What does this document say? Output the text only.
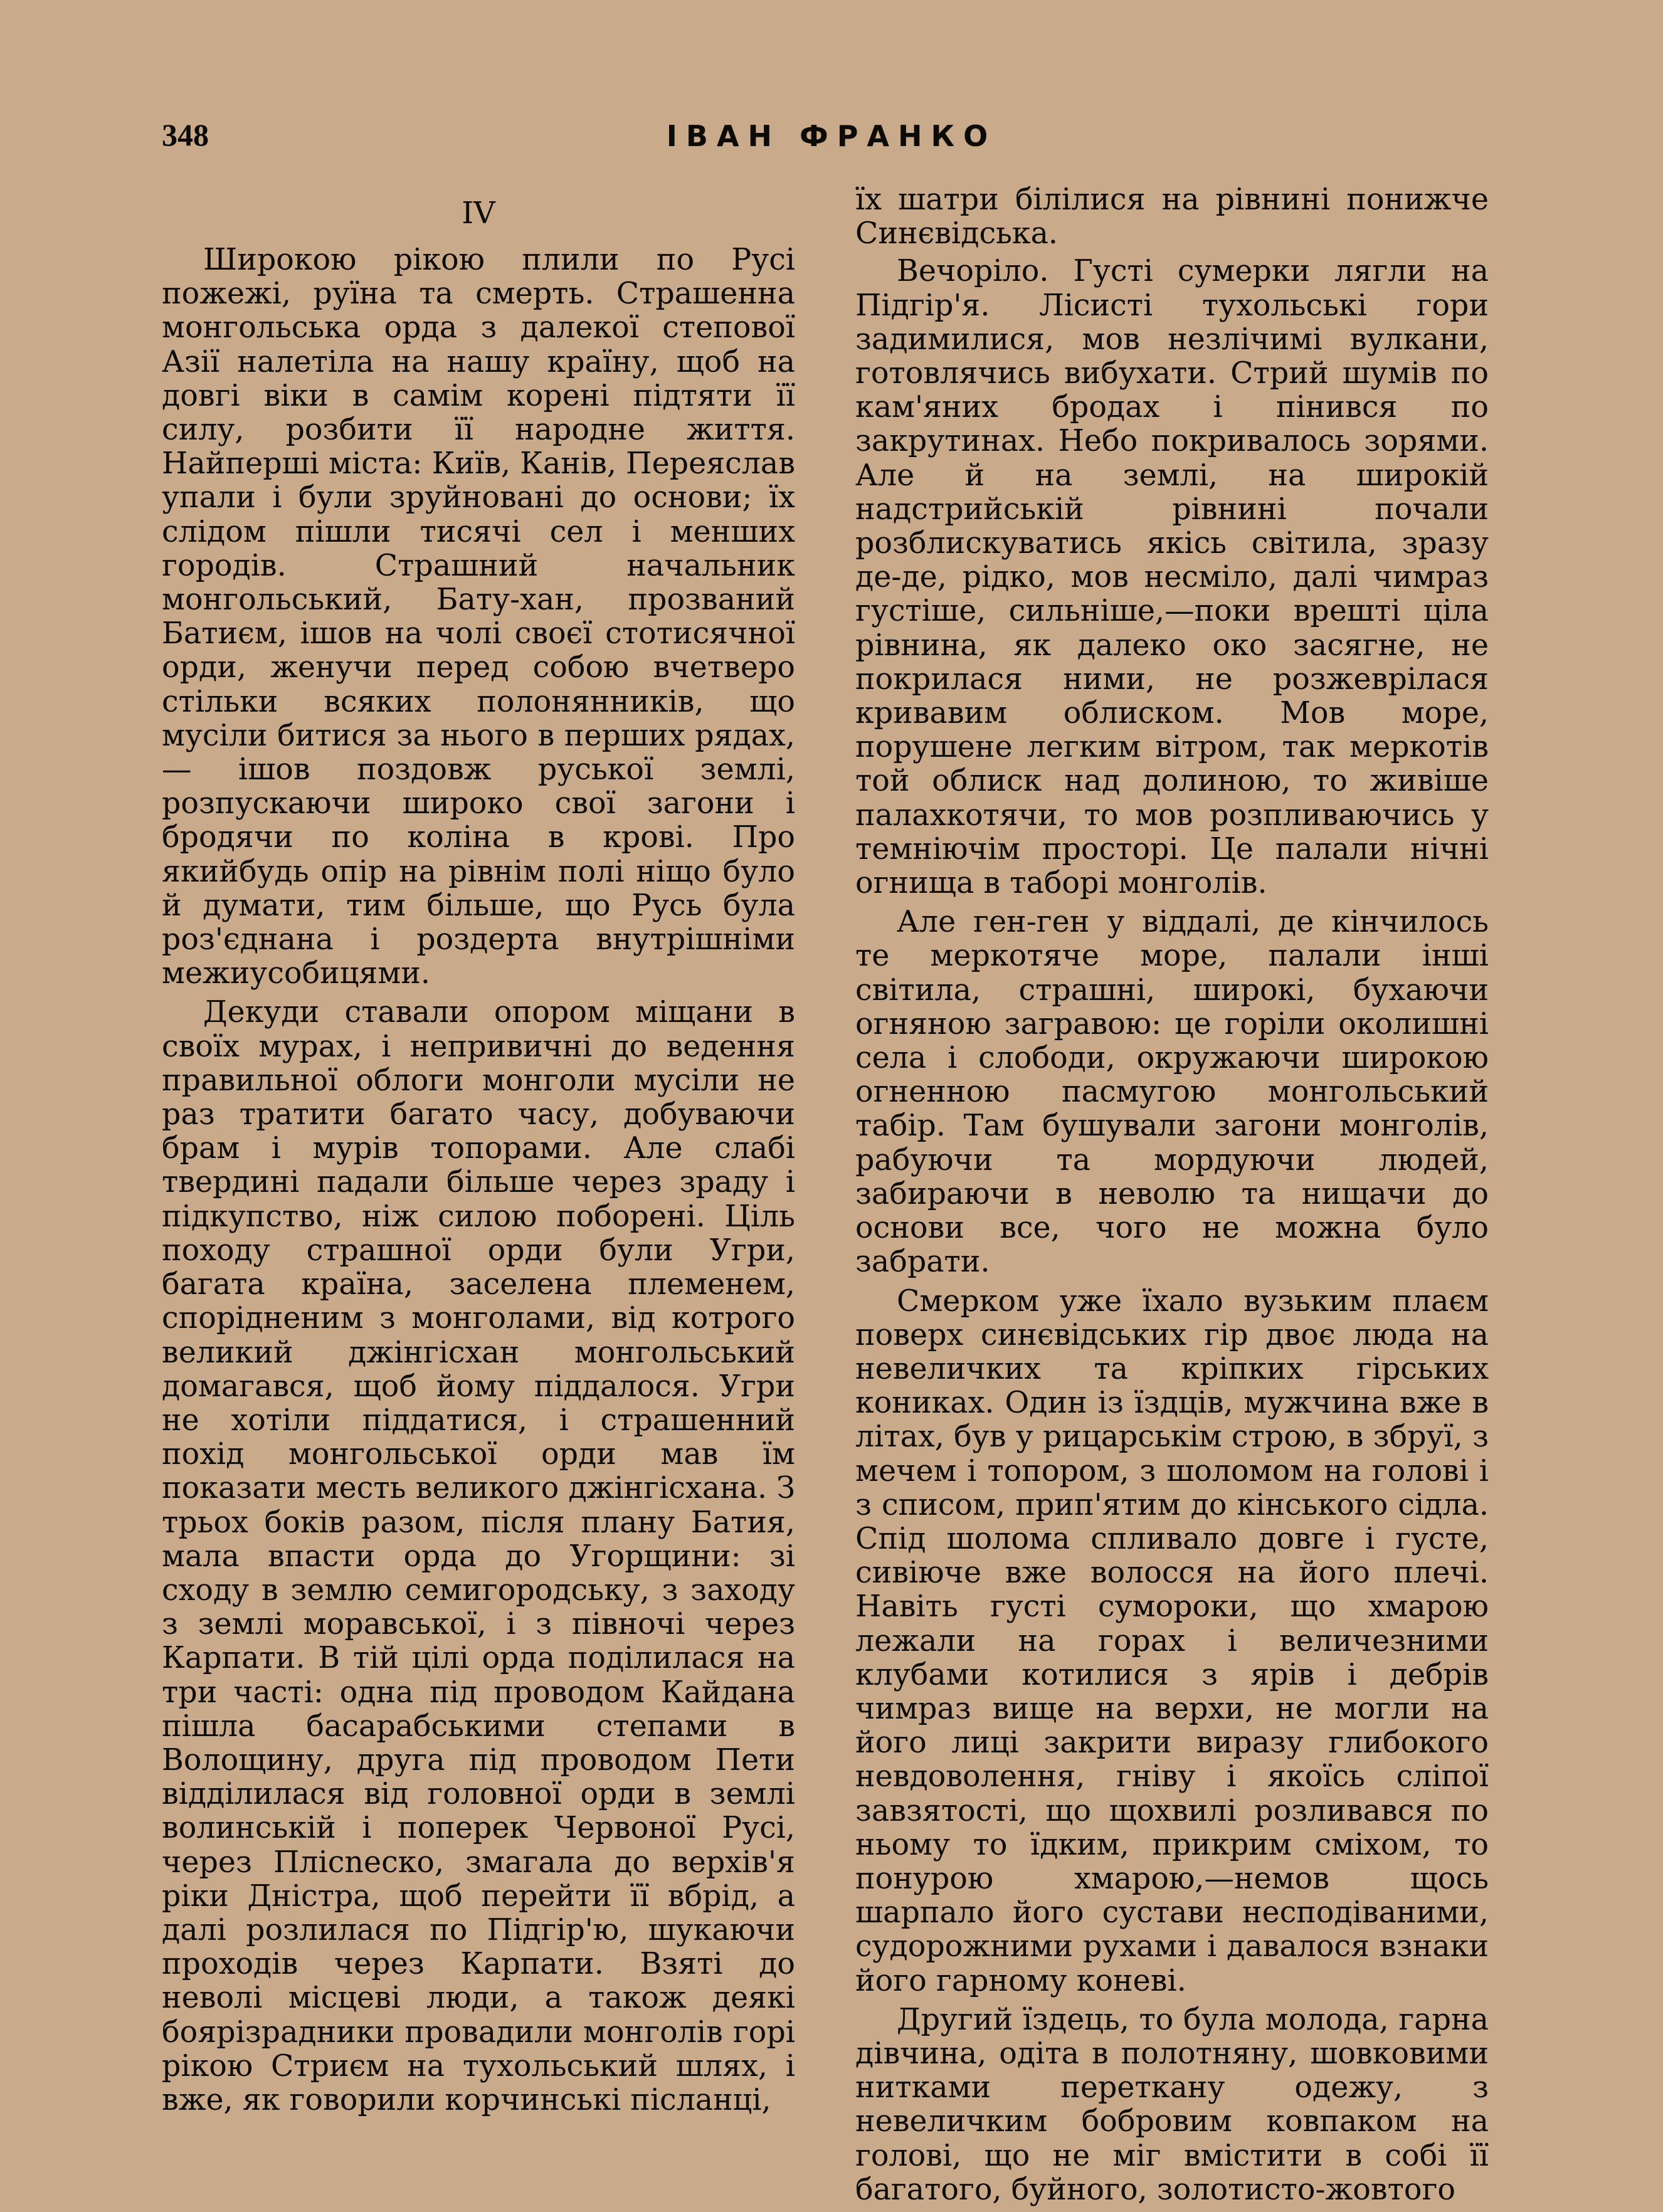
348	ІВАН ФРАНКО

IV

Широкою рікою плили по Русі пожежі, руїна та смерть. Страшенна монгольська орда з далекої степової Азії налетіла на нашу країну, щоб на довгі віки в самім корені підтяти її силу, розбити її народне життя. Найперші міста: Київ, Канів, Переяслав упали і були зруйновані до основи; їх слідом пішли тисячі сел і менших городів. Страшний начальник монгольський, Бату-хан, прозваний Батиєм, ішов на чолі своєї стотисячної орди, женучи перед собою вчетверо стільки всяких полонянників, що мусіли битися за нього в перших рядах,— ішов поздовж руської землі, розпускаючи широко свої загони і бродячи по коліна в крові. Про якийбудь опір на рівнім полі ніщо було й думати, тим більше, що Русь була роз'єднана і роздерта внутрішніми межиусобицями.

Декуди ставали опором міщани в своїх мурах, і непривичні до ведення правильної облоги монголи мусіли не раз тратити багато часу, добуваючи брам і мурів топорами. Але слабі твердині падали більше через зраду і підкупство, ніж силою поборені. Ціль походу страшної орди були Угри, багата країна, заселена племенем, спорідненим з монголами, від котрого великий джінгісхан монгольський домагався, щоб йому піддалося. Угри не хотіли піддатися, і страшенний похід монгольської орди мав їм показати месть великого джінгісхана. З трьох боків разом, після плану Батия, мала впасти орда до Угорщини: зі сходу в землю семигородську, з заходу з землі моравської, і з півночі через Карпати. В тій цілі орда поділилася на три часті: одна під проводом Кайдана пішла басарабськими степами в Волощину, друга під проводом Пети відділилася від головної орди в землі волинській і поперек Червоної Русі, через Плісneско, змагала до верхів'я ріки Дністра, щоб перейти її вбрід, а далі розлилася по Підгір'ю, шукаючи проходів через Карпати. Взяті до неволі місцеві люди, а також деякі боярізрадники провадили монголів горі рікою Стриєм на тухольський шлях, і вже, як говорили корчинські післанці,

їх шатри білілися на рівнині понижче Синєвідська.

Вечоріло. Густі сумерки лягли на Підгір'я. Лісисті тухольські гори задимилися, мов незлічимі вулкани, готовлячись вибухати. Стрий шумів по кам'яних бродах і пінився по закрутинах. Небо покривалось зорями. Але й на землі, на широкій надстрийській рівнині почали розблискуватись якісь світила, зразу де-де, рідко, мов несміло, далі чимраз густіше, сильніше,—поки врешті ціла рівнина, як далеко око засягне, не покрилася ними, не розжеврілася кривавим облиском. Мов море, порушене легким вітром, так меркотів той облиск над долиною, то живіше палахкотячи, то мов розпливаючись у темніючім просторі. Це палали нічні огнища в таборі монголів.

Але ген-ген у віддалі, де кінчилось те меркотяче море, палали інші світила, страшні, широкі, бухаючи огняною загравою: це горіли околишні села і слободи, окружаючи широкою огненною пасмугою монгольський табір. Там бушували загони монголів, рабуючи та мордуючи людей, забираючи в неволю та нищачи до основи все, чого не можна було забрати.

Смерком уже їхало вузьким плаєм поверх синєвідських гір двоє люда на невеличких та кріпких гірських кониках. Один із їздців, мужчина вже в літах, був у рицарськім строю, в збруї, з мечем і топором, з шоломом на голові і з списом, прип'ятим до кінського сідла. Спід шолома спливало довге і густе, сивіюче вже волосся на його плечі. Навіть густі сумороки, що хмарою лежали на горах і величезними клубами котилися з ярів і дебрів чимраз вище на верхи, не могли на його лиці закрити виразу глибокого невдоволення, гніву і якоїсь сліпої завзятості, що щохвилі розливався по ньому то їдким, прикрим сміхом, то понурою хмарою,—немов щось шарпало його сустави несподіваними, судорожними рухами і давалося взнаки його гарному коневі.

Другий їздець, то була молода, гарна дівчина, одіта в полотняну, шовковими нитками переткану одежу, з невеличким бобровим ковпаком на голові, що не міг вмістити в собі її багатого, буйного, золотисто-жовтого
